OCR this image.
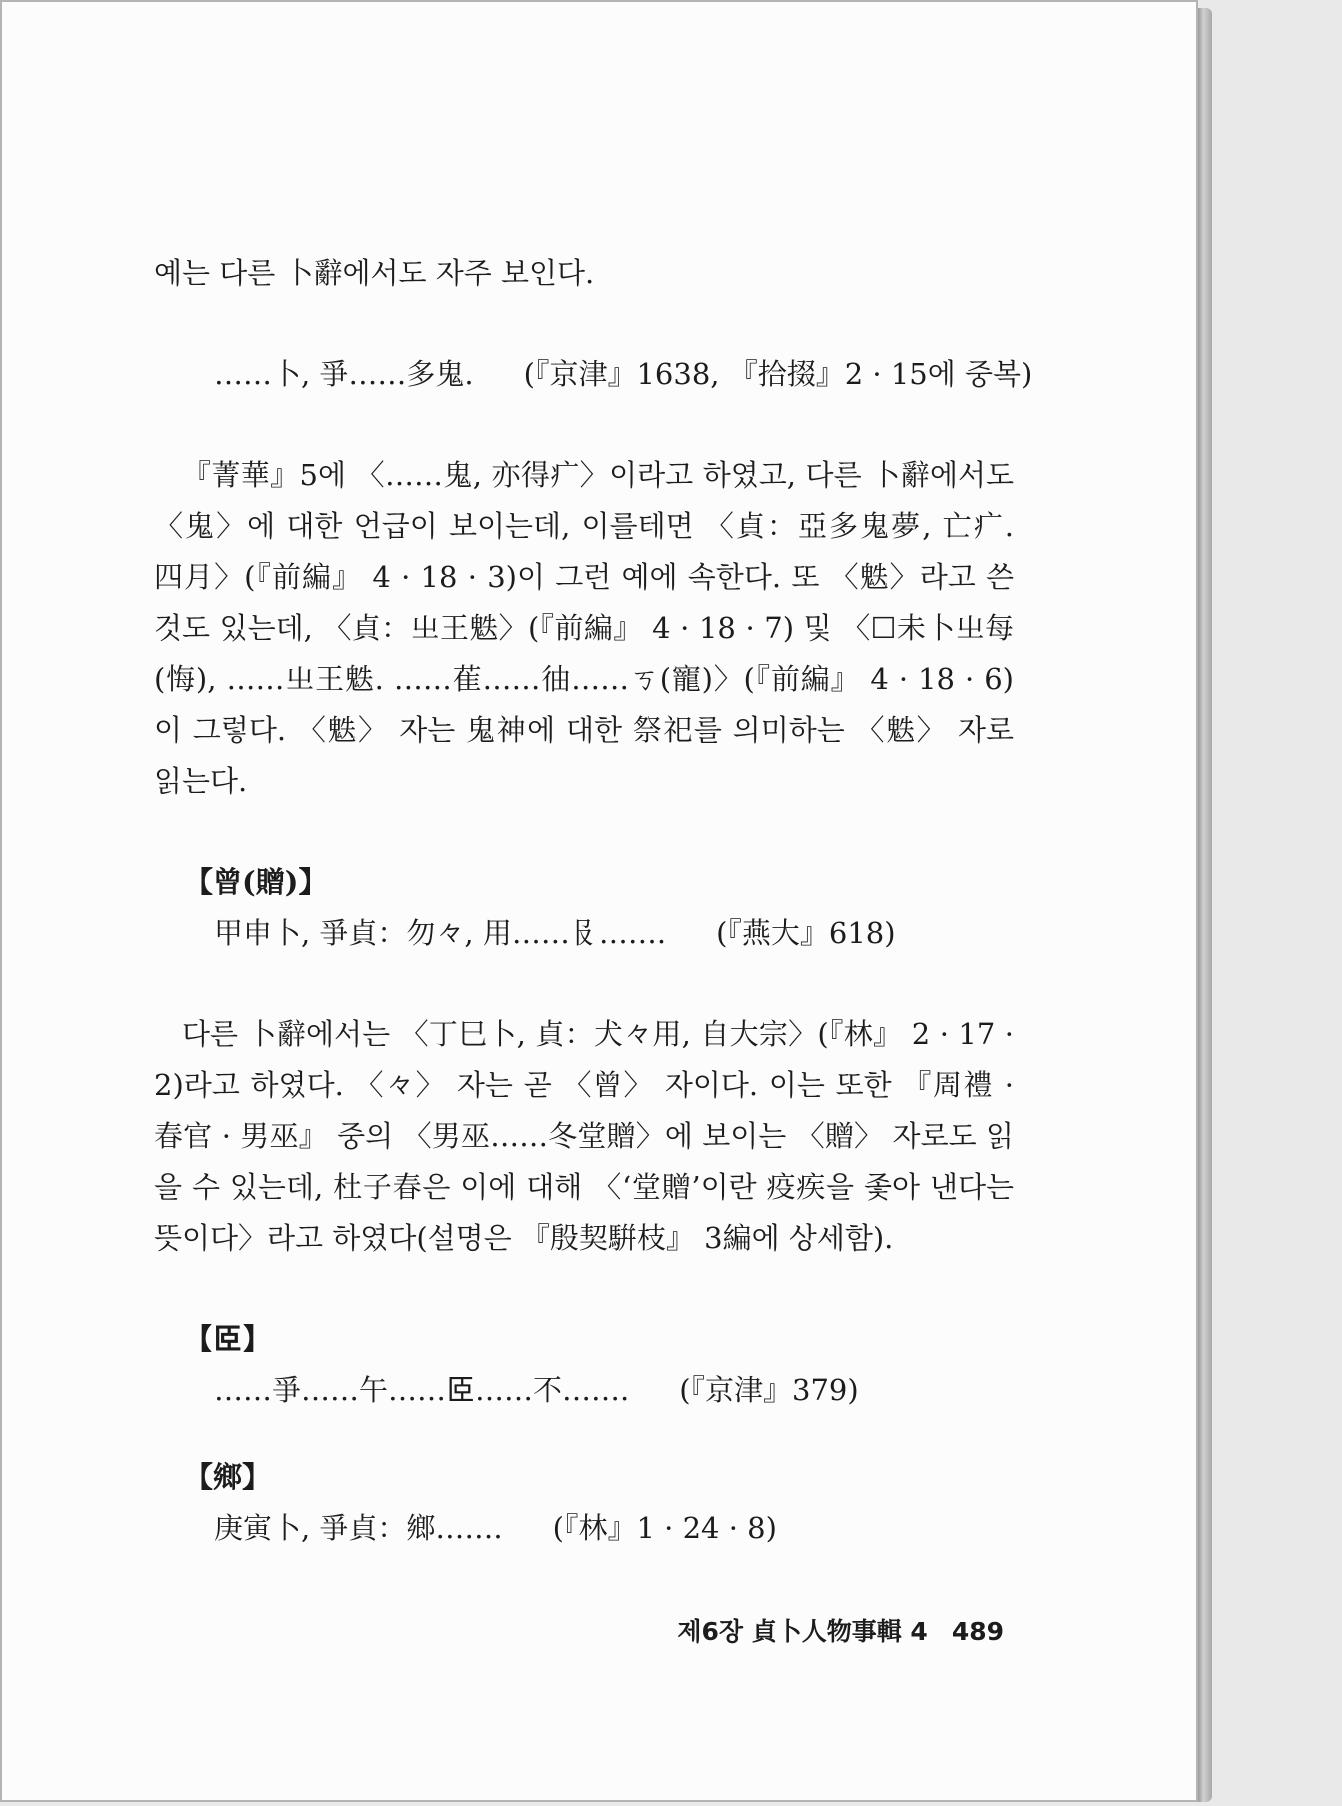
예는 다른 卜辭에서도 자주 보인다.

……卜, 爭……多鬼. (『京津』1638, 『拾掇』2 · 15에 중복)

『菁華』5에 〈……鬼, 亦得疒〉이라고 하였고, 다른 卜辭에서도 〈鬼〉에 대한 언급이 보이는데, 이를테면 〈貞：亞多鬼夢, 亡疒. 四月〉(『前編』 4 · 18 · 3)이 그런 예에 속한다. 또 〈䰡〉라고 쓴 것도 있는데, 〈貞：㞢王䰡〉(『前編』 4 · 18 · 7) 및 〈☐未卜㞢每(悔), ……㞢王䰡. ……萑……㣙……ㄎ(寵)〉(『前編』 4 · 18 · 6)이 그렇다. 〈䰡〉 자는 鬼神에 대한 祭祀를 의미하는 〈䰡〉 자로 읽는다.

【曾(贈)】
甲申卜, 爭貞：勿𠚤, 用……𠬝……. (『燕大』618)

다른 卜辭에서는 〈丁巳卜, 貞：犬𠚤用, 自大宗〉(『林』 2 · 17 · 2)라고 하였다. 〈𠚤〉 자는 곧 〈曾〉 자이다. 이는 또한 『周禮 · 春官 · 男巫』 중의 〈男巫……冬堂贈〉에 보이는 〈贈〉 자로도 읽을 수 있는데, 杜子春은 이에 대해 〈‘堂贈’이란 疫疾을 좇아 낸다는 뜻이다〉라고 하였다(설명은 『殷契騈枝』 3編에 상세함).

【𦣞】
……爭……午……𦣞……不……. (『京津』379)
【鄉】
庚寅卜, 爭貞：鄉……. (『林』1 · 24 · 8)
제6장 貞卜人物事輯 4 489
